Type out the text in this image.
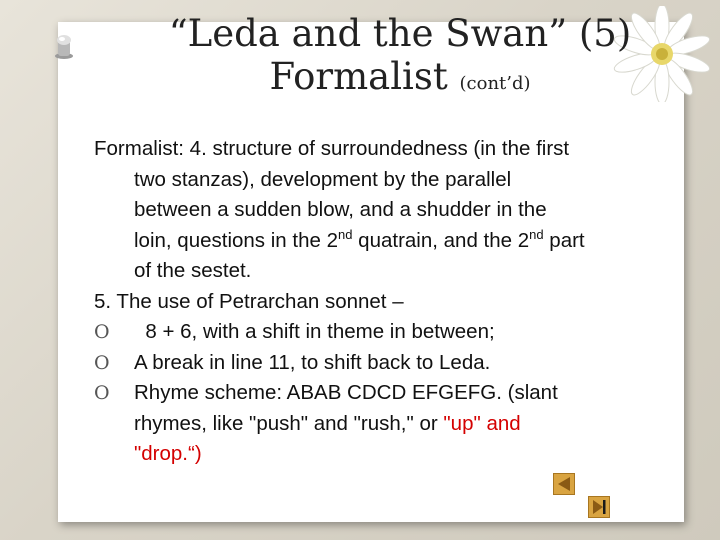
“Leda and the Swan” (5)
Formalist (cont’d)
Formalist: 4. structure of surroundedness (in the first
two stanzas), development by the parallel
between a sudden blow, and a shudder in the
loin, questions in the 2nd quatrain, and the 2nd part
of the sestet.
5. The use of Petrarchan sonnet –
O 8 + 6, with a shift in theme in between;
O A break in line 11, to shift back to Leda.
O Rhyme scheme: ABAB CDCD EFGEFG. (slant
rhymes, like "push" and "rush," or "up" and
"drop.“)
